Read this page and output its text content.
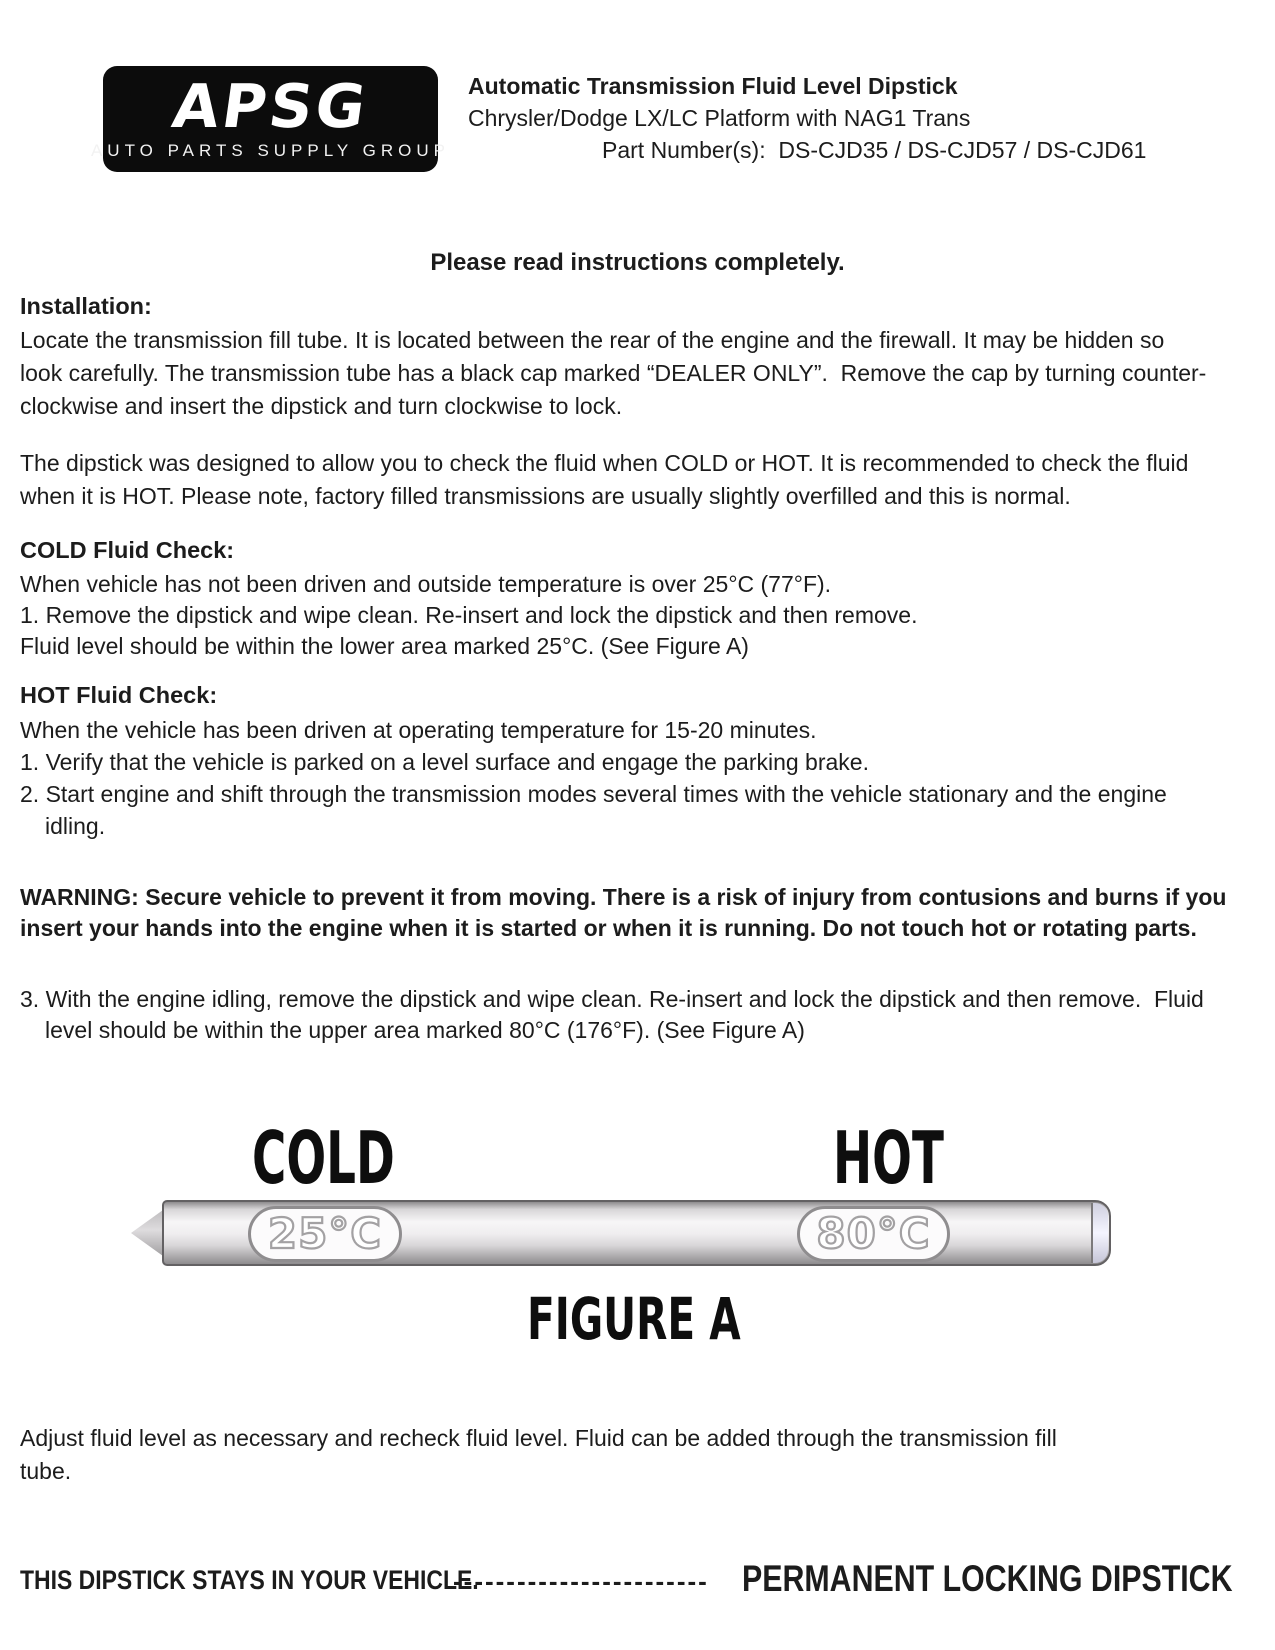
APSG
AUTO PARTS SUPPLY GROUP
Automatic Transmission Fluid Level Dipstick
Chrysler/Dodge LX/LC Platform with NAG1 Trans
Part Number(s):  DS-CJD35 / DS-CJD57 / DS-CJD61
Please read instructions completely.
Installation:
Locate the transmission fill tube. It is located between the rear of the engine and the firewall. It may be hidden so
look carefully. The transmission tube has a black cap marked “DEALER ONLY”.  Remove the cap by turning counter-
clockwise and insert the dipstick and turn clockwise to lock.
The dipstick was designed to allow you to check the fluid when COLD or HOT. It is recommended to check the fluid
when it is HOT. Please note, factory filled transmissions are usually slightly overfilled and this is normal.
COLD Fluid Check:
When vehicle has not been driven and outside temperature is over 25°C (77°F).
1. Remove the dipstick and wipe clean. Re-insert and lock the dipstick and then remove.
Fluid level should be within the lower area marked 25°C. (See Figure A)
HOT Fluid Check:
When the vehicle has been driven at operating temperature for 15-20 minutes.
1. Verify that the vehicle is parked on a level surface and engage the parking brake.
2. Start engine and shift through the transmission modes several times with the vehicle stationary and the engine
idling.
WARNING: Secure vehicle to prevent it from moving. There is a risk of injury from contusions and burns if you
insert your hands into the engine when it is started or when it is running. Do not touch hot or rotating parts.
3. With the engine idling, remove the dipstick and wipe clean. Re-insert and lock the dipstick and then remove.  Fluid
level should be within the upper area marked 80°C (176°F). (See Figure A)
COLD	HOT
25°C	80°C
FIGURE A
Adjust fluid level as necessary and recheck fluid level. Fluid can be added through the transmission fill
tube.
THIS DIPSTICK STAYS IN YOUR VEHICLE.
------------------------ PERMANENT LOCKING DIPSTICK
